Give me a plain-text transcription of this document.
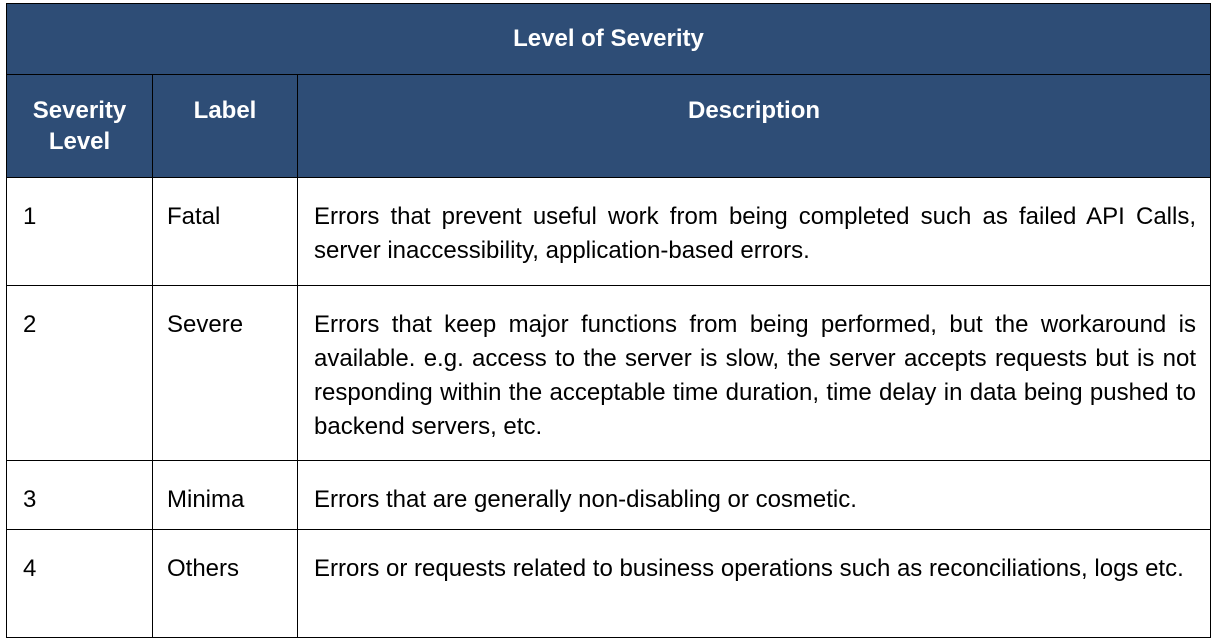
Level of Severity		
Severity Level	Label	Description
1	Fatal	Errors that prevent useful work from being completed such as failed API Calls, server inaccessibility, application-based errors.
2	Severe	Errors that keep major functions from being performed, but the workaround is available. e.g. access to the server is slow, the server accepts requests but is not responding within the acceptable time duration, time delay in data being pushed to backend servers, etc.
3	Minima	Errors that are generally non-disabling or cosmetic.
4	Others	Errors or requests related to business operations such as reconciliations, logs etc.
